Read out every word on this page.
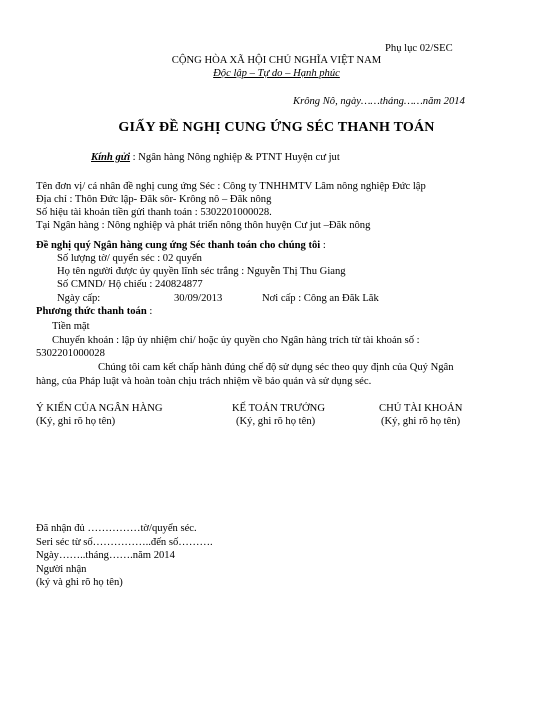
Phụ lục 02/SEC
CỘNG HÒA XÃ HỘI CHỦ NGHĨA VIỆT NAM
Độc lập – Tự do – Hạnh phúc
Krông Nô, ngày……tháng……năm 2014
GIẤY ĐỀ NGHỊ CUNG ỨNG SÉC THANH TOÁN
Kính gửi : Ngân hàng Nông nghiệp & PTNT Huyện cư jut
Tên đơn vị/ cá nhân đề nghị cung ứng Séc : Công ty TNHHMTV Lâm nông nghiệp Đức lập
Địa chỉ : Thôn Đức lập- Đăk sôr- Krông nô – Đăk nông
Số hiệu tài khoản tiền gửi thanh toán : 5302201000028.
Tại Ngân hàng : Nông nghiệp và phát triển nông thôn huyện Cư jut –Đăk nông
Đề nghị quý Ngân hàng cung ứng Séc thanh toán cho chúng tôi :
Số lượng tờ/ quyển séc : 02 quyển
Họ tên người được ủy quyền lĩnh séc trắng : Nguyễn Thị Thu Giang
Số CMND/ Hộ chiếu : 240824877
Ngày cấp:	30/09/2013	Nơi cấp : Công an Đăk Lăk
Phương thức thanh toán :
Tiền mặt
Chuyển khoản : lập ủy nhiệm chi/ hoặc ủy quyền cho Ngân hàng trích từ tài khoản số :
5302201000028
Chúng tôi cam kết chấp hành đúng chế độ sử dụng séc theo quy định của Quý Ngân
hàng, của Pháp luật và hoàn toàn chịu trách nhiệm về bảo quản và sử dụng séc.
Ý KIẾN CỦA NGÂN HÀNG
(Ký, ghi rõ họ tên)
KẾ TOÁN TRƯỞNG
(Ký, ghi rõ họ tên)
CHỦ TÀI KHOẢN
(Ký, ghi rõ họ tên)
Đã nhận đủ ……………tờ/quyển séc.
Seri séc từ số……………..đến số……….
Ngày……..tháng…….năm 2014
Người nhận
(ký và ghi rõ họ tên)
